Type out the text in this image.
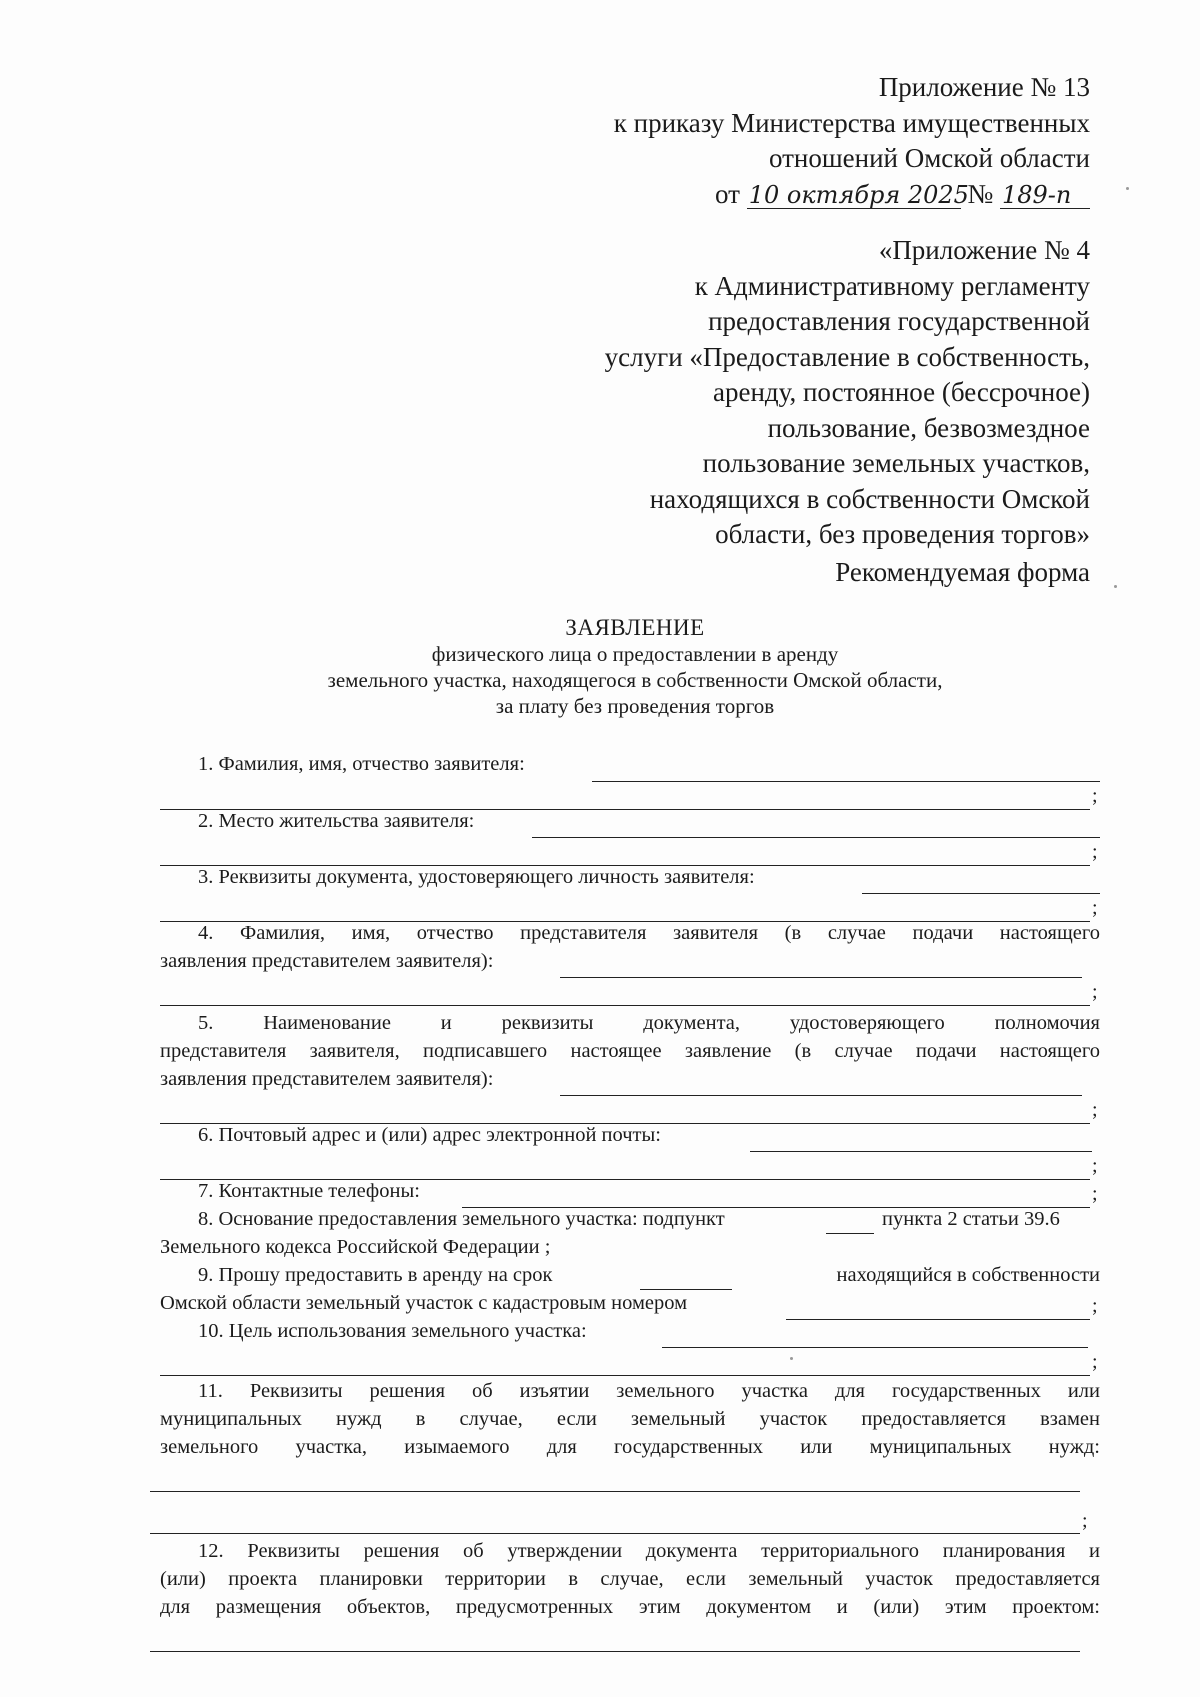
Приложение № 13
к приказу Министерства имущественных
отношений Омской области
от 10 октября 2025 № 189-п
«Приложение № 4
к Административному регламенту
предоставления государственной
услуги «Предоставление в собственность,
аренду, постоянное (бессрочное)
пользование, безвозмездное
пользование земельных участков,
находящихся в собственности Омской
области, без проведения торгов»
Рекомендуемая форма
ЗАЯВЛЕНИЕ
физического лица о предоставлении в аренду
земельного участка, находящегося в собственности Омской области,
за плату без проведения торгов
1. Фамилия, имя, отчество заявителя:
;
2. Место жительства заявителя:
;
3. Реквизиты документа, удостоверяющего личность заявителя:
;
4. Фамилия, имя, отчество представителя заявителя (в случае подачи настоящего
заявления представителем заявителя):
;
5. Наименование и реквизиты документа, удостоверяющего полномочия
представителя заявителя, подписавшего настоящее заявление (в случае подачи настоящего
заявления представителем заявителя):
;
6. Почтовый адрес и (или) адрес электронной почты:
;
7. Контактные телефоны:	;
8. Основание предоставления земельного участка: подпункт	пункта 2 статьи 39.6
Земельного кодекса Российской Федерации ;
9. Прошу предоставить в аренду на срок	находящийся в собственности
Омской области земельный участок с кадастровым номером	;
10. Цель использования земельного участка:
;
11. Реквизиты решения об изъятии земельного участка для государственных или
муниципальных нужд в случае, если земельный участок предоставляется взамен
земельного участка, изымаемого для государственных или муниципальных нужд:
;
12. Реквизиты решения об утверждении документа территориального планирования и
(или) проекта планировки территории в случае, если земельный участок предоставляется
для размещения объектов, предусмотренных этим документом и (или) этим проектом:
